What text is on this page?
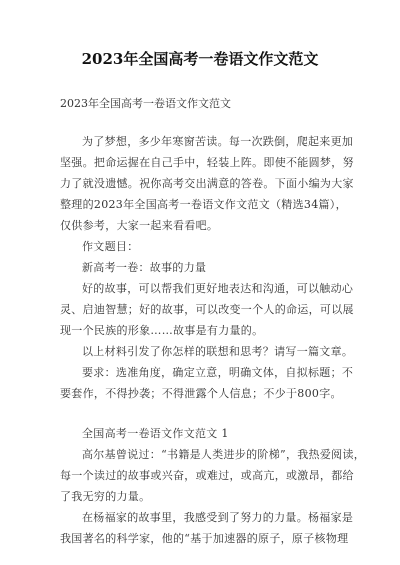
2023年全国高考一卷语文作文范文
2023年全国高考一卷语文作文范文
为了梦想，多少年寒窗苦读。每一次跌倒，爬起来更加
坚强。把命运握在自己手中，轻装上阵。即使不能圆梦，努
力了就没遗憾。祝你高考交出满意的答卷。下面小编为大家
整理的2023年全国高考一卷语文作文范文（精选34篇），
仅供参考，大家一起来看看吧。
作文题目：
新高考一卷：故事的力量
好的故事，可以帮我们更好地表达和沟通，可以触动心
灵、启迪智慧；好的故事，可以改变一个人的命运，可以展
现一个民族的形象……故事是有力量的。
以上材料引发了你怎样的联想和思考？请写一篇文章。
要求：选准角度，确定立意，明确文体，自拟标题；不
要套作，不得抄袭；不得泄露个人信息；不少于800字。
全国高考一卷语文作文范文 1
高尔基曾说过：“书籍是人类进步的阶梯”，我热爱阅读，
每一个读过的故事或兴奋，或难过，或高亢，或激昂，都给
了我无穷的力量。
在杨福家的故事里，我感受到了努力的力量。杨福家是
我国著名的科学家，他的“基于加速器的原子，原子核物理
